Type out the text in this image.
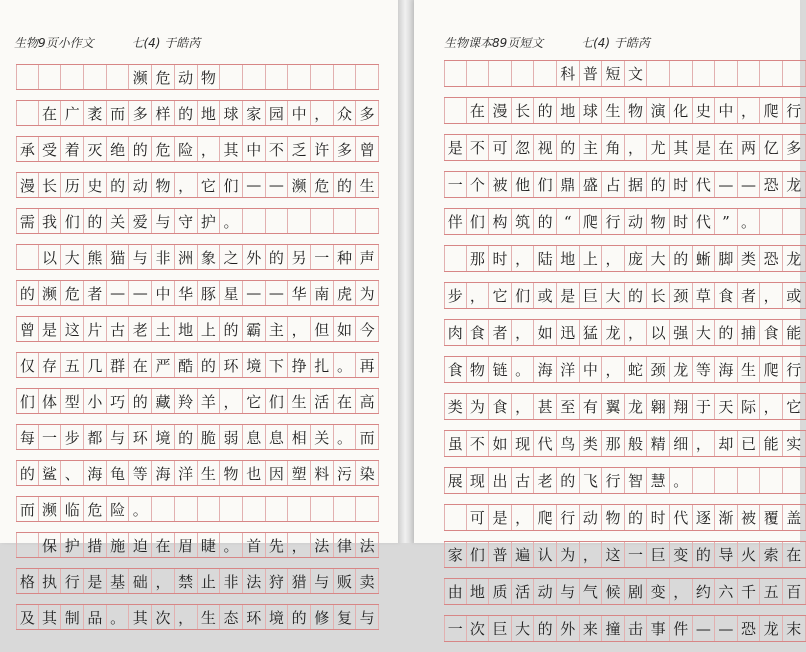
生物9页小作文	七(4) 于皓芮
濒 危 动 物
在 广 袤 而 多 样 的 地 球 家 园 中 ， 众 多
承 受 着 灭 绝 的 危 险 ， 其 中 不 乏 许 多 曾
漫 长 历 史 的 动 物 ， 它 们 — — 濒 危 的 生
需 我 们 的 关 爱 与 守 护 。
以 大 熊 猫 与 非 洲 象 之 外 的 另 一 种 声
的 濒 危 者 — — 中 华 豚 星 — — 华 南 虎 为
曾 是 这 片 古 老 土 地 上 的 霸 主 ， 但 如 今
仅 存 五 几 群 在 严 酷 的 环 境 下 挣 扎 。 再
们 体 型 小 巧 的 藏 羚 羊 ， 它 们 生 活 在 高
每 一 步 都 与 环 境 的 脆 弱 息 息 相 关 。 而
的 鲨 、 海 龟 等 海 洋 生 物 也 因 塑 料 污 染
而 濒 临 危 险 。
保 护 措 施 迫 在 眉 睫 。 首 先 ， 法 律 法
格 执 行 是 基 础 ， 禁 止 非 法 狩 猎 与 贩 卖
及 其 制 品 。 其 次 ， 生 态 环 境 的 修 复 与
生物课本89页短文	七(4) 于皓芮
科 普 短 文
在 漫 长 的 地 球 生 物 演 化 史 中 ， 爬 行
是 不 可 忽 视 的 主 角 ， 尤 其 是 在 两 亿 多
一 个 被 他 们 鼎 盛 占 据 的 时 代 — — 恐 龙
伴 们 构 筑 的 “ 爬 行 动 物 时 代 ” 。
那 时 ， 陆 地 上 ， 庞 大 的 蜥 脚 类 恐 龙
步 ， 它 们 或 是 巨 大 的 长 颈 草 食 者 ， 或
肉 食 者 ， 如 迅 猛 龙 ， 以 强 大 的 捕 食 能
食 物 链 。 海 洋 中 ， 蛇 颈 龙 等 海 生 爬 行
类 为 食 ， 甚 至 有 翼 龙 翱 翔 于 天 际 ， 它
虽 不 如 现 代 鸟 类 那 般 精 细 ， 却 已 能 实
展 现 出 古 老 的 飞 行 智 慧 。
可 是 ， 爬 行 动 物 的 时 代 逐 渐 被 覆 盖
家 们 普 遍 认 为 ， 这 一 巨 变 的 导 火 索 在
由 地 质 活 动 与 气 候 剧 变 ， 约 六 千 五 百
一 次 巨 大 的 外 来 撞 击 事 件 — — 恐 龙 末
